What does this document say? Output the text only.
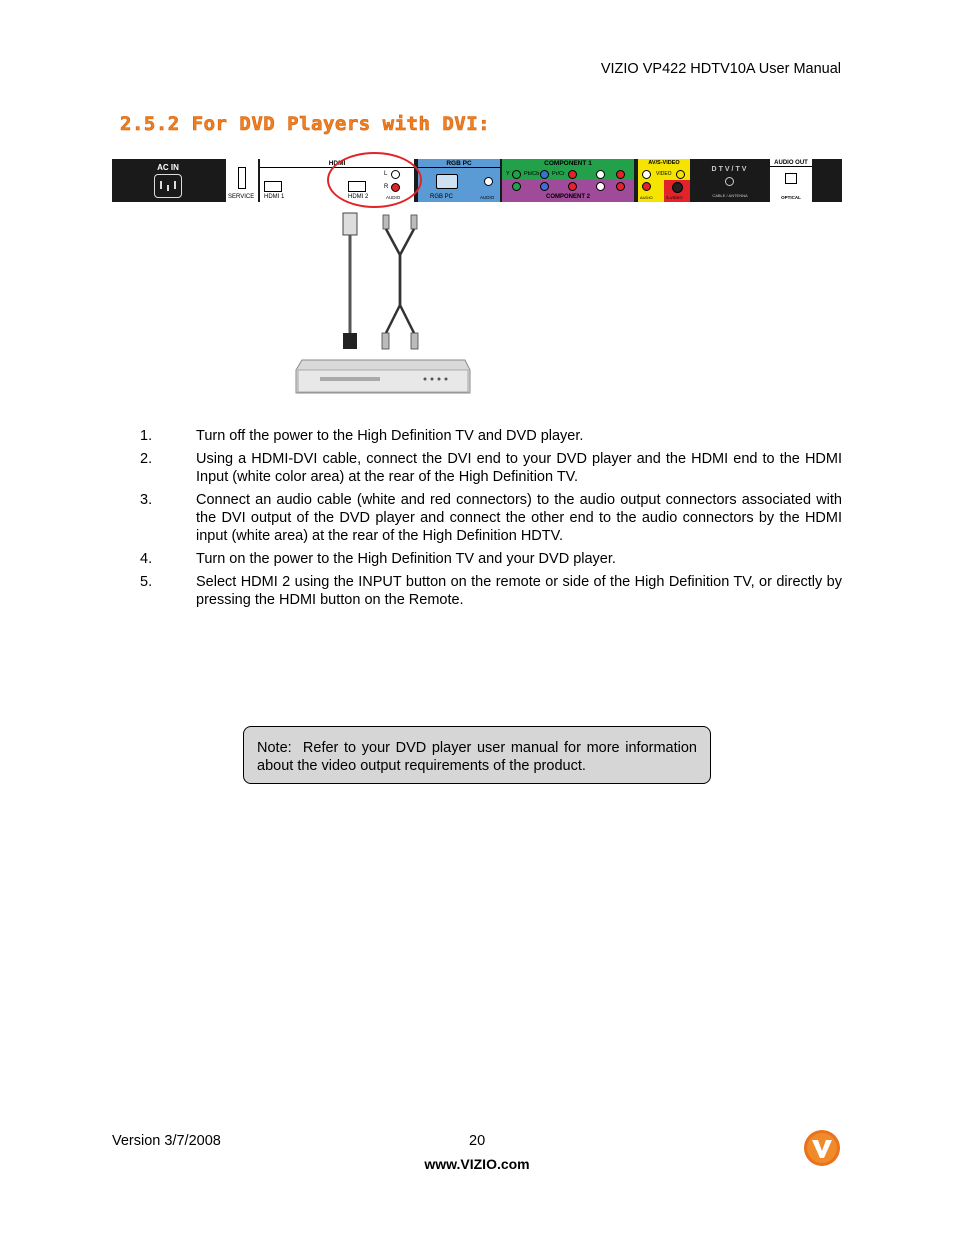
VIZIO VP422 HDTV10A User Manual
2.5.2 For DVD Players with DVI:
AC IN
SERVICE
HDMI
HDMI 1	HDMI 2
L
R
AUDIO
RGB PC
RGB PC	AUDIO
COMPONENT 1
Y	Pb/Cb Pr/Cr
COMPONENT 2
AV/S-VIDEO
VIDEO
AUDIO	S-VIDEO
DTV/TV
CABLE / ANTENNA
AUDIO OUT
OPTICAL
1.	Turn off the power to the High Definition TV and DVD player.
2.	Using a HDMI-DVI cable, connect the DVI end to your DVD player and the HDMI end to the HDMI Input (white color area) at the rear of the High Definition TV.
3.	Connect an audio cable (white and red connectors) to the audio output connectors associated with the DVI output of the DVD player and connect the other end to the audio connectors by the HDMI input (white area) at the rear of the High Definition HDTV.
4.	Turn on the power to the High Definition TV and your DVD player.
5.	Select HDMI 2 using the INPUT button on the remote or side of the High Definition TV, or directly by pressing the HDMI button on the Remote.
Note:  Refer to your DVD player user manual for more information about the video output requirements of the product.
Version 3/7/2008	20
www.VIZIO.com
